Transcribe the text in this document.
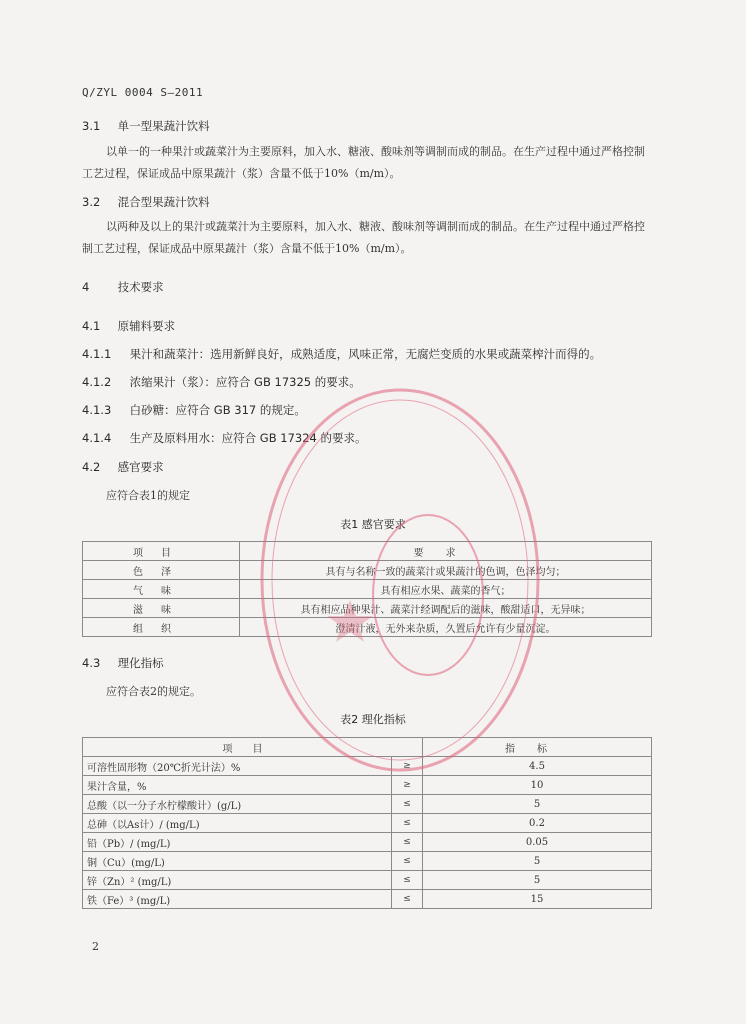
Q/ZYL 0004 S—2011
3.1 单一型果蔬汁饮料
以单一的一种果汁或蔬菜汁为主要原料，加入水、糖液、酸味剂等调制而成的制品。在生产过程中通过严格控制工艺过程，保证成品中原果蔬汁（浆）含量不低于10%（m/m）。
3.2 混合型果蔬汁饮料
以两种及以上的果汁或蔬菜汁为主要原料，加入水、糖液、酸味剂等调制而成的制品。在生产过程中通过严格控制工艺过程，保证成品中原果蔬汁（浆）含量不低于10%（m/m）。
4 技术要求
4.1 原辅料要求
4.1.1 果汁和蔬菜汁：选用新鲜良好，成熟适度，风味正常，无腐烂变质的水果或蔬菜榨汁而得的。
4.1.2 浓缩果汁（浆）：应符合 GB 17325 的要求。
4.1.3 白砂糖：应符合 GB 317 的规定。
4.1.4 生产及原料用水：应符合 GB 17324 的要求。
4.2 感官要求
应符合表1的规定
表1 感官要求
项目	要求
色泽	具有与名称一致的蔬菜汁或果蔬汁的色调，色泽均匀；
气味	具有相应水果、蔬菜的香气；
滋味	具有相应品种果汁、蔬菜汁经调配后的滋味，酸甜适口，无异味；
组织	澄清汁液，无外来杂质，久置后允许有少量沉淀。
4.3 理化指标
应符合表2的规定。
表2 理化指标
项目		指标
可溶性固形物（20℃折光计法）%	≥	4.5
果汁含量，%	≥	10
总酸（以一分子水柠檬酸计）(g/L)	≤	5
总砷（以As计）/ (mg/L)	≤	0.2
铅（Pb）/ (mg/L)	≤	0.05
铜（Cu）(mg/L)	≤	5
锌（Zn）² (mg/L)	≤	5
铁（Fe）³ (mg/L)	≤	15
2
